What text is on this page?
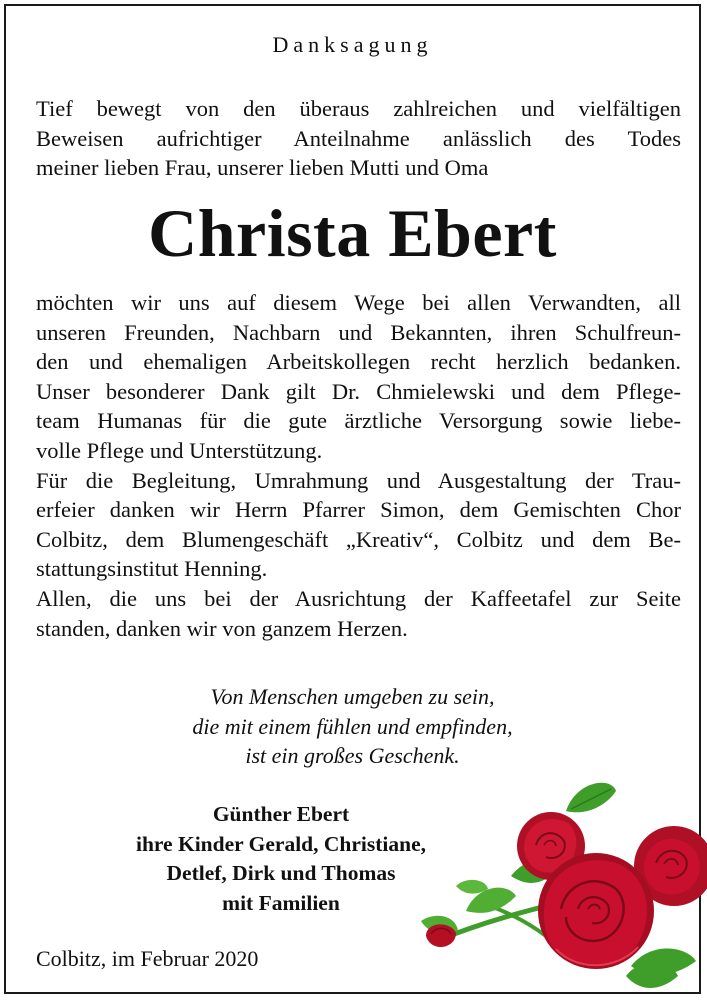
Danksagung
Tief bewegt von den überaus zahlreichen und vielfältigen
Beweisen aufrichtiger Anteilnahme anlässlich des Todes
meiner lieben Frau, unserer lieben Mutti und Oma
Christa Ebert
möchten wir uns auf diesem Wege bei allen Verwandten, all
unseren Freunden, Nachbarn und Bekannten, ihren Schulfreun-
den und ehemaligen Arbeitskollegen recht herzlich bedanken.
Unser besonderer Dank gilt Dr. Chmielewski und dem Pflege-
team Humanas für die gute ärztliche Versorgung sowie liebe-
volle Pflege und Unterstützung.
Für die Begleitung, Umrahmung und Ausgestaltung der Trau-
erfeier danken wir Herrn Pfarrer Simon, dem Gemischten Chor
Colbitz, dem Blumengeschäft „Kreativ“, Colbitz und dem Be-
stattungsinstitut Henning.
Allen, die uns bei der Ausrichtung der Kaffeetafel zur Seite
standen, danken wir von ganzem Herzen.
Von Menschen umgeben zu sein,
die mit einem fühlen und empfinden,
ist ein großes Geschenk.
Günther Ebert
ihre Kinder Gerald, Christiane,
Detlef, Dirk und Thomas
mit Familien
Colbitz, im Februar 2020
